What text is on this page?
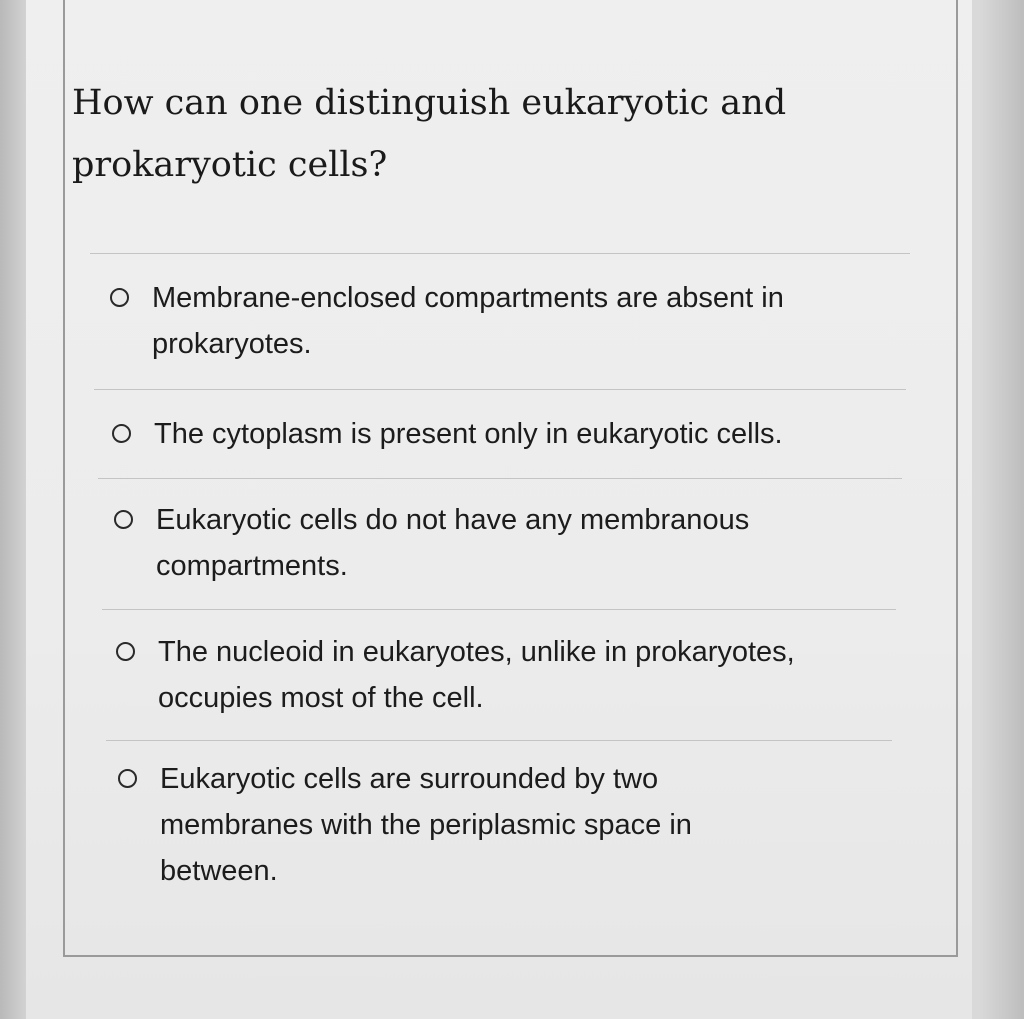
How can one distinguish eukaryotic and prokaryotic cells?

Membrane-enclosed compartments are absent in prokaryotes.

The cytoplasm is present only in eukaryotic cells.

Eukaryotic cells do not have any membranous compartments.

The nucleoid in eukaryotes, unlike in prokaryotes, occupies most of the cell.

Eukaryotic cells are surrounded by two membranes with the periplasmic space in between.
